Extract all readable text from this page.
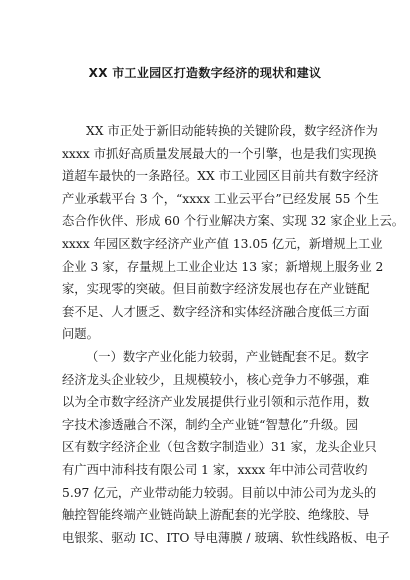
XX 市工业园区打造数字经济的现状和建议
XX 市正处于新旧动能转换的关键阶段，数字经济作为
xxxx 市抓好高质量发展最大的一个引擎，也是我们实现换
道超车最快的一条路径。XX 市工业园区目前共有数字经济
产业承载平台 3 个，“xxxx 工业云平台”已经发展 55 个生
态合作伙伴、形成 60 个行业解决方案、实现 32 家企业上云。
xxxx 年园区数字经济产业产值 13.05 亿元，新增规上工业
企业 3 家，存量规上工业企业达 13 家；新增规上服务业 2
家，实现零的突破。但目前数字经济发展也存在产业链配
套不足、人才匮乏、数字经济和实体经济融合度低三方面
问题。
（一）数字产业化能力较弱，产业链配套不足。数字
经济龙头企业较少，且规模较小，核心竞争力不够强，难
以为全市数字经济产业发展提供行业引领和示范作用，数
字技术渗透融合不深，制约全产业链“智慧化”升级。园
区有数字经济企业（包含数字制造业）31 家，龙头企业只
有广西中沛科技有限公司 1 家，xxxx 年中沛公司营收约
5.97 亿元，产业带动能力较弱。目前以中沛公司为龙头的
触控智能终端产业链尚缺上游配套的光学胶、绝缘胶、导
电银浆、驱动 IC、ITO 导电薄膜 / 玻璃、软性线路板、电子
